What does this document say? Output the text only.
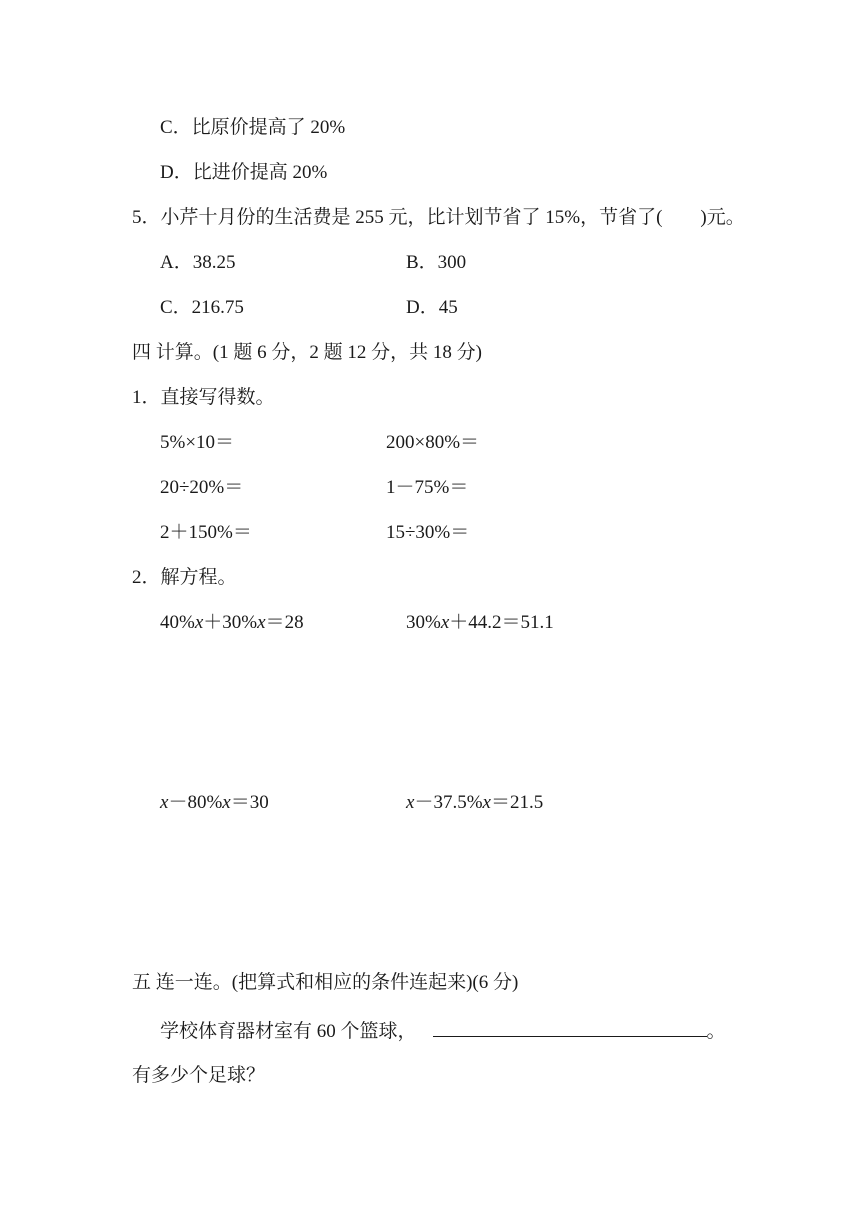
C．比原价提高了 20%
D．比进价提高 20%
5．小芹十月份的生活费是 255 元，比计划节省了 15%，节省了(　　)元。
A．38.25	B．300
C．216.75	D．45
四 计算。(1 题 6 分，2 题 12 分，共 18 分)
1．直接写得数。
5%×10＝	200×80%＝
20÷20%＝	1－75%＝
2＋150%＝	15÷30%＝
2．解方程。
40%x＋30%x＝28	30%x＋44.2＝51.1
x－80%x＝30	x－37.5%x＝21.5
五 连一连。(把算式和相应的条件连起来)(6 分)
学校体育器材室有 60 个篮球，	。
有多少个足球？
